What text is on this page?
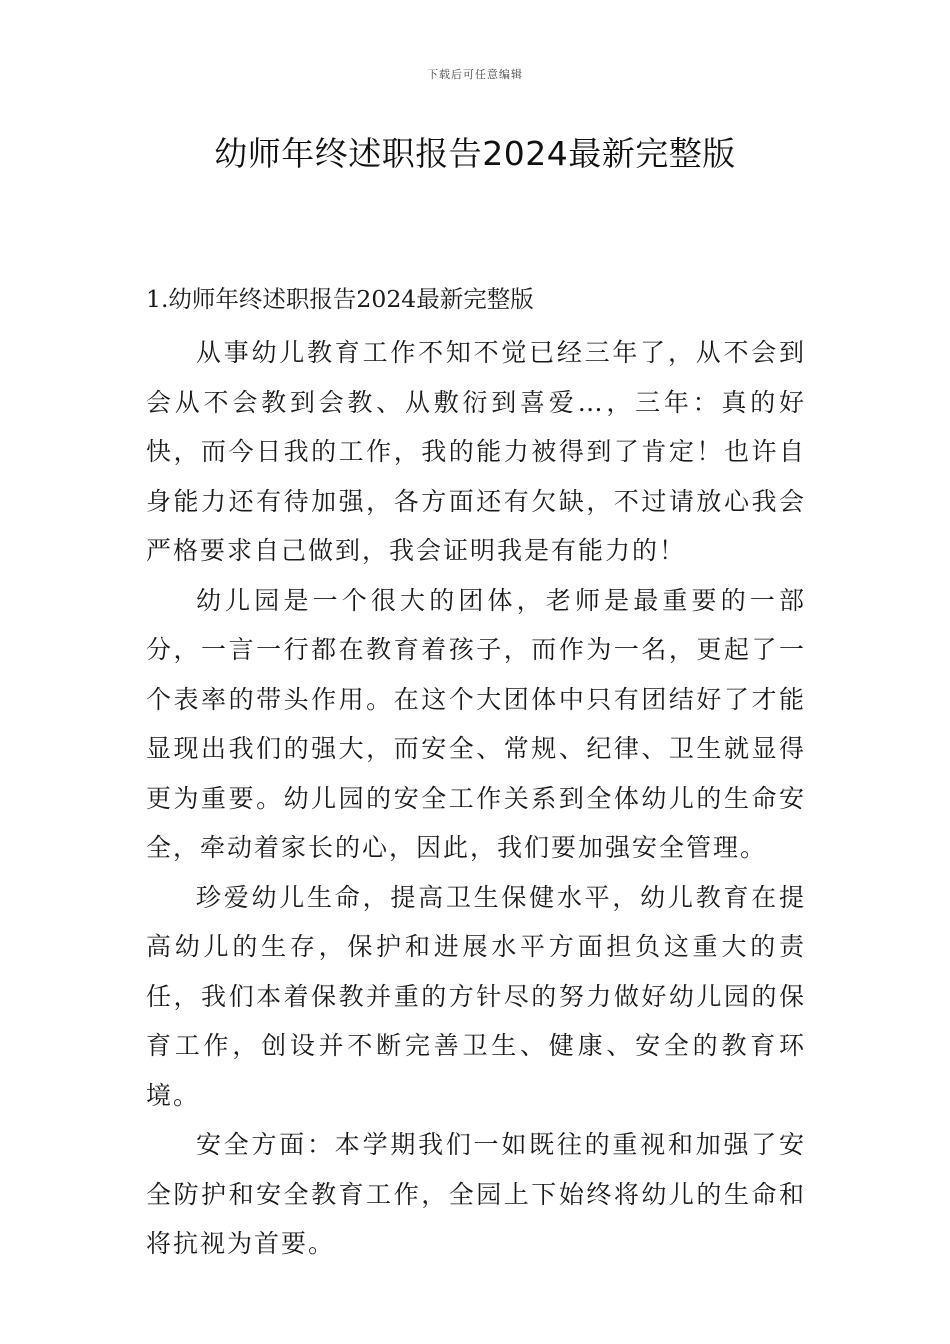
下载后可任意编辑
幼师年终述职报告2024最新完整版

1.幼师年终述职报告2024最新完整版

从事幼儿教育工作不知不觉已经三年了，从不会到会从不会教到会教、从敷衍到喜爱…，三年：真的好快，而今日我的工作，我的能力被得到了肯定！也许自身能力还有待加强，各方面还有欠缺，不过请放心我会严格要求自己做到，我会证明我是有能力的！

幼儿园是一个很大的团体，老师是最重要的一部 分，一言一行都在教育着孩子，而作为一名，更起了一个表率的带头作用。在这个大团体中只有团结好了才能显现出我们的强大，而安全、常规、纪律、卫生就显得更为重要。幼儿园的安全工作关系到全体幼儿的生命安全，牵动着家长的心，因此，我们要加强安全管理。

珍爱幼儿生命，提高卫生保健水平，幼儿教育在提高幼儿的生存，保护和进展水平方面担负这重大的责任，我们本着保教并重的方针尽的努力做好幼儿园的保育工作，创设并不断完善卫生、健康、安全的教育环境。

安全方面：本学期我们一如既往的重视和加强了安全防护和安全教育工作，全园上下始终将幼儿的生命和将抗视为首要。
